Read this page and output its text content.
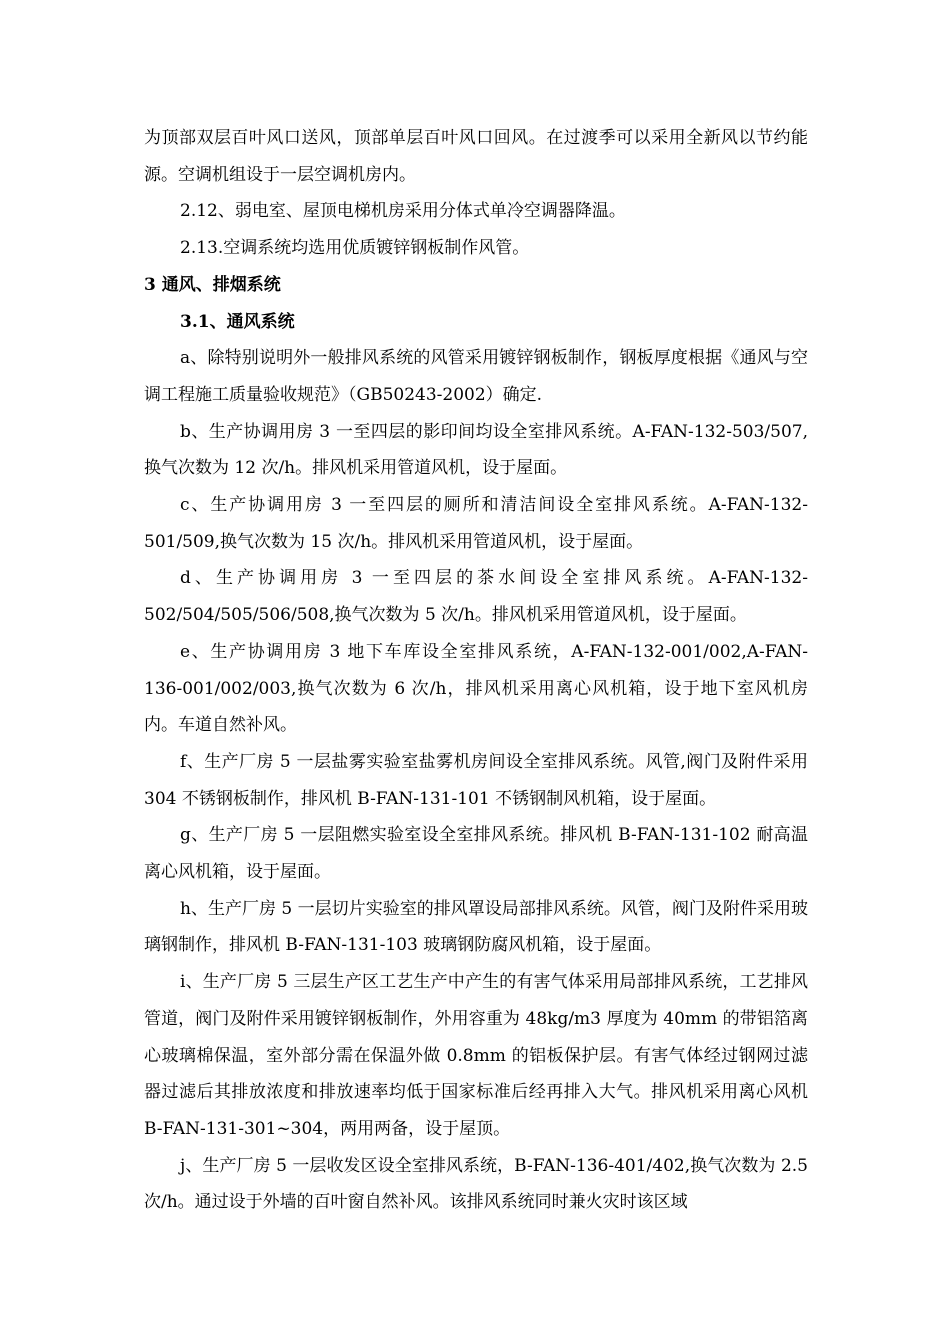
为顶部双层百叶风口送风，顶部单层百叶风口回风。在过渡季可以采用全新风以节约能源。空调机组设于一层空调机房内。

2.12、弱电室、屋顶电梯机房采用分体式单冷空调器降温。

2.13.空调系统均选用优质镀锌钢板制作风管。

3 通风、排烟系统

3.1、通风系统

a、除特别说明外一般排风系统的风管采用镀锌钢板制作，钢板厚度根据《通风与空调工程施工质量验收规范》（GB50243-2002）确定.

b、生产协调用房 3 一至四层的影印间均设全室排风系统。A-FAN-132-503/507,换气次数为 12 次/h。排风机采用管道风机，设于屋面。

c、生产协调用房 3 一至四层的厕所和清洁间设全室排风系统。A-FAN-132-501/509,换气次数为 15 次/h。排风机采用管道风机，设于屋面。

d、生产协调用房 3 一至四层的茶水间设全室排风系统。A-FAN-132-502/504/505/506/508,换气次数为 5 次/h。排风机采用管道风机，设于屋面。

e、生产协调用房 3 地下车库设全室排风系统，A-FAN-132-001/002,A-FAN-136-001/002/003,换气次数为 6 次/h，排风机采用离心风机箱，设于地下室风机房内。车道自然补风。

f、生产厂房 5 一层盐雾实验室盐雾机房间设全室排风系统。风管,阀门及附件采用 304 不锈钢板制作，排风机 B-FAN-131-101 不锈钢制风机箱，设于屋面。

g、生产厂房 5 一层阻燃实验室设全室排风系统。排风机 B-FAN-131-102 耐高温离心风机箱，设于屋面。

h、生产厂房 5 一层切片实验室的排风罩设局部排风系统。风管，阀门及附件采用玻璃钢制作，排风机 B-FAN-131-103 玻璃钢防腐风机箱，设于屋面。

i、生产厂房 5 三层生产区工艺生产中产生的有害气体采用局部排风系统，工艺排风管道，阀门及附件采用镀锌钢板制作，外用容重为 48kg/m3 厚度为 40mm 的带铝箔离心玻璃棉保温，室外部分需在保温外做 0.8mm 的铝板保护层。有害气体经过钢网过滤器过滤后其排放浓度和排放速率均低于国家标准后经再排入大气。排风机采用离心风机 B-FAN-131-301~304，两用两备，设于屋顶。

j、生产厂房 5 一层收发区设全室排风系统，B-FAN-136-401/402,换气次数为 2.5 次/h。通过设于外墙的百叶窗自然补风。该排风系统同时兼火灾时该区域
